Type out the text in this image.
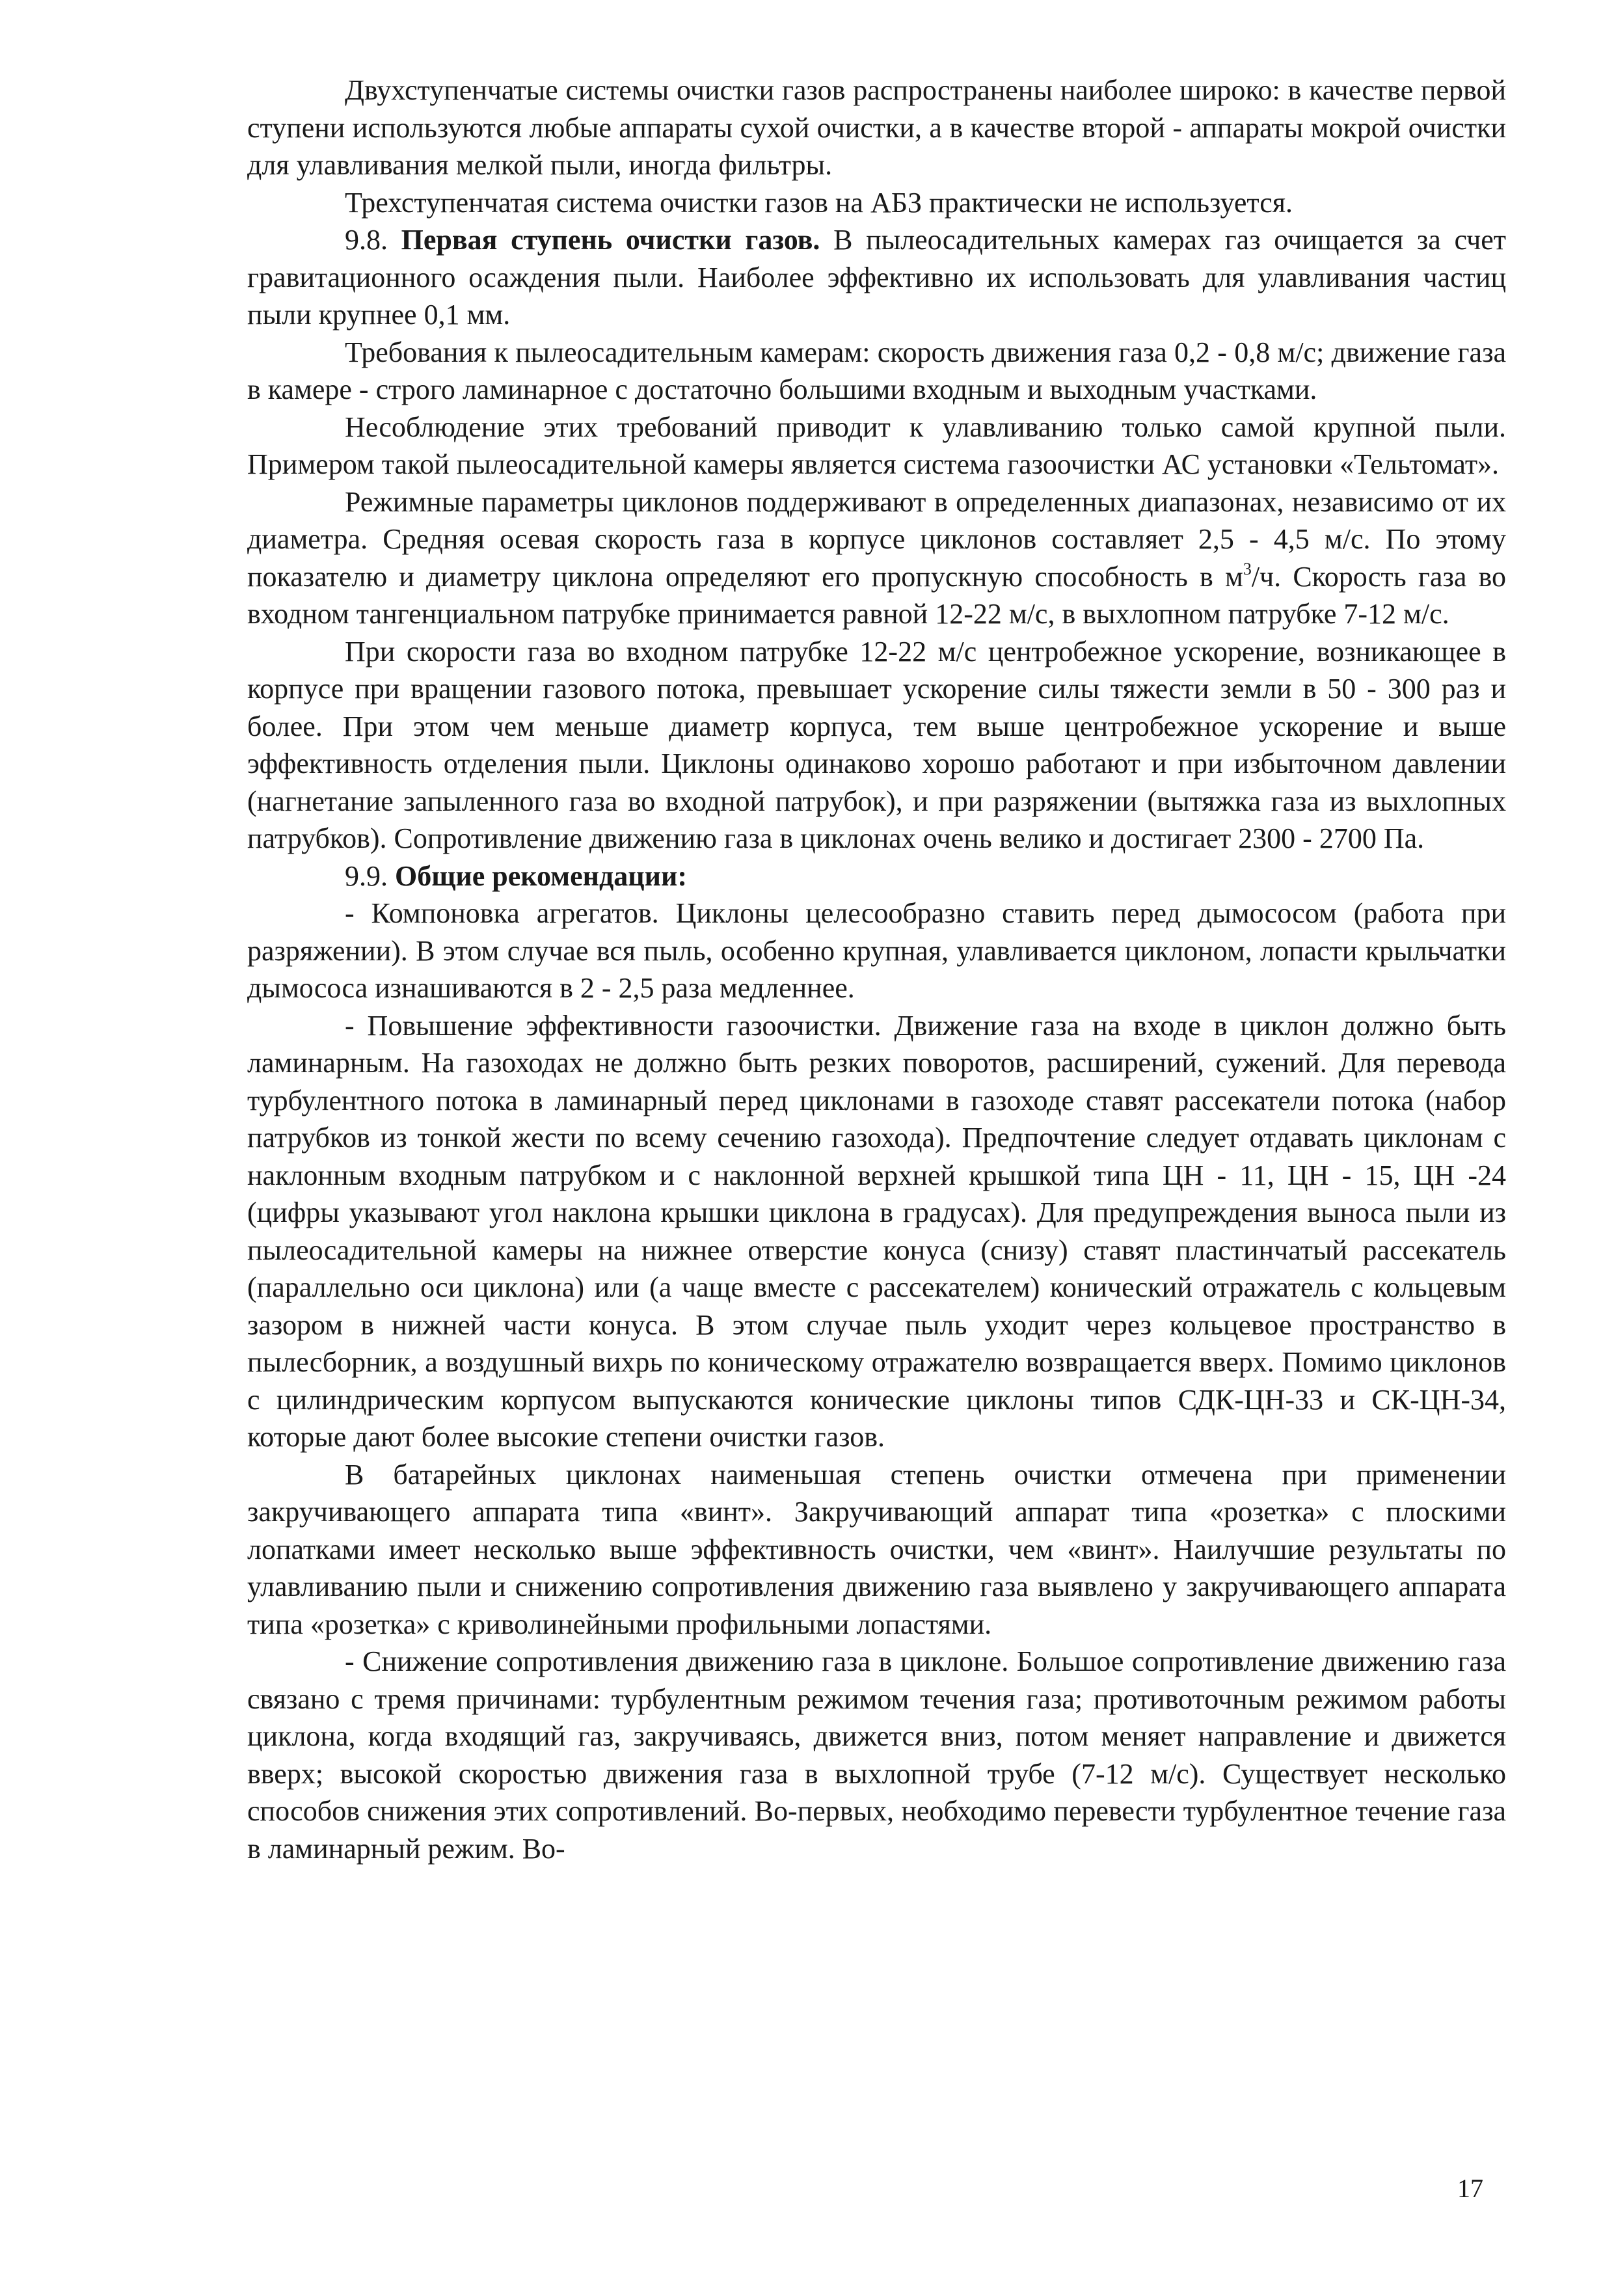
Двухступенчатые системы очистки газов распространены наиболее широко: в качестве первой ступени используются любые аппараты сухой очистки, а в качестве второй - аппараты мокрой очистки для улавливания мелкой пыли, иногда фильтры.

Трехступенчатая система очистки газов на АБЗ практически не используется.

9.8. Первая ступень очистки газов. В пылеосадительных камерах газ очищается за счет гравитационного осаждения пыли. Наиболее эффективно их использовать для улавливания частиц пыли крупнее 0,1 мм.

Требования к пылеосадительным камерам: скорость движения газа 0,2 - 0,8 м/с; движение газа в камере - строго ламинарное с достаточно большими входным и выходным участками.

Несоблюдение этих требований приводит к улавливанию только самой крупной пыли. Примером такой пылеосадительной камеры является система газоочистки АС установки «Тельтомат».

Режимные параметры циклонов поддерживают в определенных диапазонах, независимо от их диаметра. Средняя осевая скорость газа в корпусе циклонов составляет 2,5 - 4,5 м/с. По этому показателю и диаметру циклона определяют его пропускную способность в $м^3/ч$. Скорость газа во входном тангенциальном патрубке принимается равной 12-22 м/с, в выхлопном патрубке 7-12 м/с.

При скорости газа во входном патрубке 12-22 м/с центробежное ускорение, возникающее в корпусе при вращении газового потока, превышает ускорение силы тяжести земли в 50 - 300 раз и более. При этом чем меньше диаметр корпуса, тем выше центробежное ускорение и выше эффективность отделения пыли. Циклоны одинаково хорошо работают и при избыточном давлении (нагнетание запыленного газа во входной патрубок), и при разряжении (вытяжка газа из выхлопных патрубков). Сопротивление движению газа в циклонах очень велико и достигает 2300 - 2700 Па.

9.9. Общие рекомендации:

- Компоновка агрегатов. Циклоны целесообразно ставить перед дымососом (работа при разряжении). В этом случае вся пыль, особенно крупная, улавливается циклоном, лопасти крыльчатки дымососа изнашиваются в 2 - 2,5 раза медленнее.

- Повышение эффективности газоочистки. Движение газа на входе в циклон должно быть ламинарным. На газоходах не должно быть резких поворотов, расширений, сужений. Для перевода турбулентного потока в ламинарный перед циклонами в газоходе ставят рассекатели потока (набор патрубков из тонкой жести по всему сечению газохода). Предпочтение следует отдавать циклонам с наклонным входным патрубком и с наклонной верхней крышкой типа ЦН - 11, ЦН - 15, ЦН -24 (цифры указывают угол наклона крышки циклона в градусах). Для предупреждения выноса пыли из пылеосадительной камеры на нижнее отверстие конуса (снизу) ставят пластинчатый рассекатель (параллельно оси циклона) или (а чаще вместе с рассекателем) конический отражатель с кольцевым зазором в нижней части конуса. В этом случае пыль уходит через кольцевое пространство в пылесборник, а воздушный вихрь по коническому отражателю возвращается вверх. Помимо циклонов с цилиндрическим корпусом выпускаются конические циклоны типов СДК-ЦН-33 и СК-ЦН-34, которые дают более высокие степени очистки газов.

В батарейных циклонах наименьшая степень очистки отмечена при применении закручивающего аппарата типа «винт». Закручивающий аппарат типа «розетка» с плоскими лопатками имеет несколько выше эффективность очистки, чем «винт». Наилучшие результаты по улавливанию пыли и снижению сопротивления движению газа выявлено у закручивающего аппарата типа «розетка» с криволинейными профильными лопастями.

- Снижение сопротивления движению газа в циклоне. Большое сопротивление движению газа связано с тремя причинами: турбулентным режимом течения газа; противоточным режимом работы циклона, когда входящий газ, закручиваясь, движется вниз, потом меняет направление и движется вверх; высокой скоростью движения газа в выхлопной трубе (7-12 м/с). Существует несколько способов снижения этих сопротивлений. Во-первых, необходимо перевести турбулентное течение газа в ламинарный режим. Во-

17
